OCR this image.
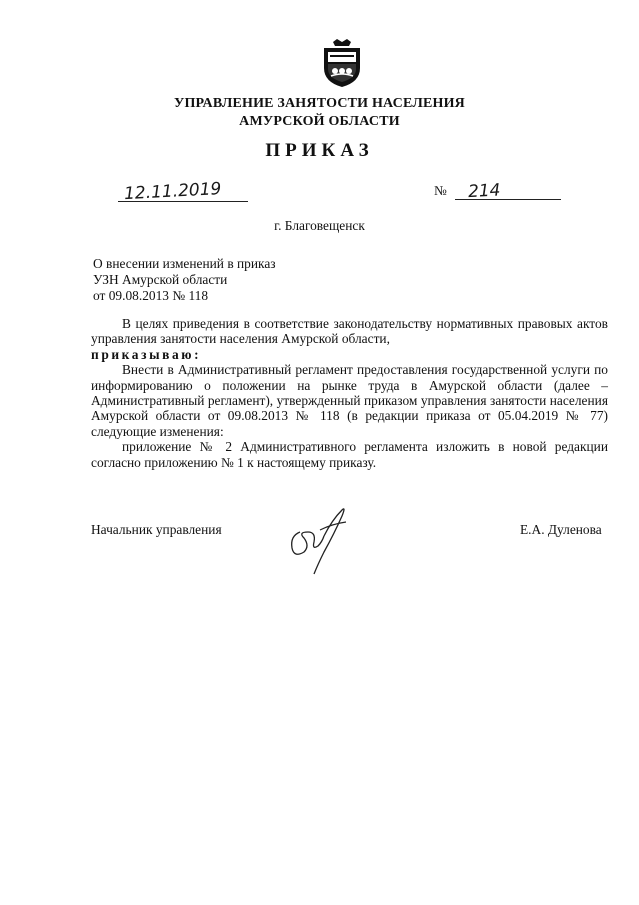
УПРАВЛЕНИЕ ЗАНЯТОСТИ НАСЕЛЕНИЯ
АМУРСКОЙ ОБЛАСТИ
ПРИКАЗ
12.11.2019	№ 214
г. Благовещенск
О внесении изменений в приказ
УЗН Амурской области
от 09.08.2013 № 118
В целях приведения в соответствие законодательству нормативных правовых актов управления занятости населения Амурской области,
приказываю:
Внести в Административный регламент предоставления государственной услуги по информированию о положении на рынке труда в Амурской области (далее – Административный регламент), утвержденный приказом управления занятости населения Амурской области от 09.08.2013 № 118 (в редакции приказа от 05.04.2019 № 77) следующие изменения:
приложение № 2 Административного регламента изложить в новой редакции согласно приложению № 1 к настоящему приказу.
Начальник управления	Е.А. Дуленова
